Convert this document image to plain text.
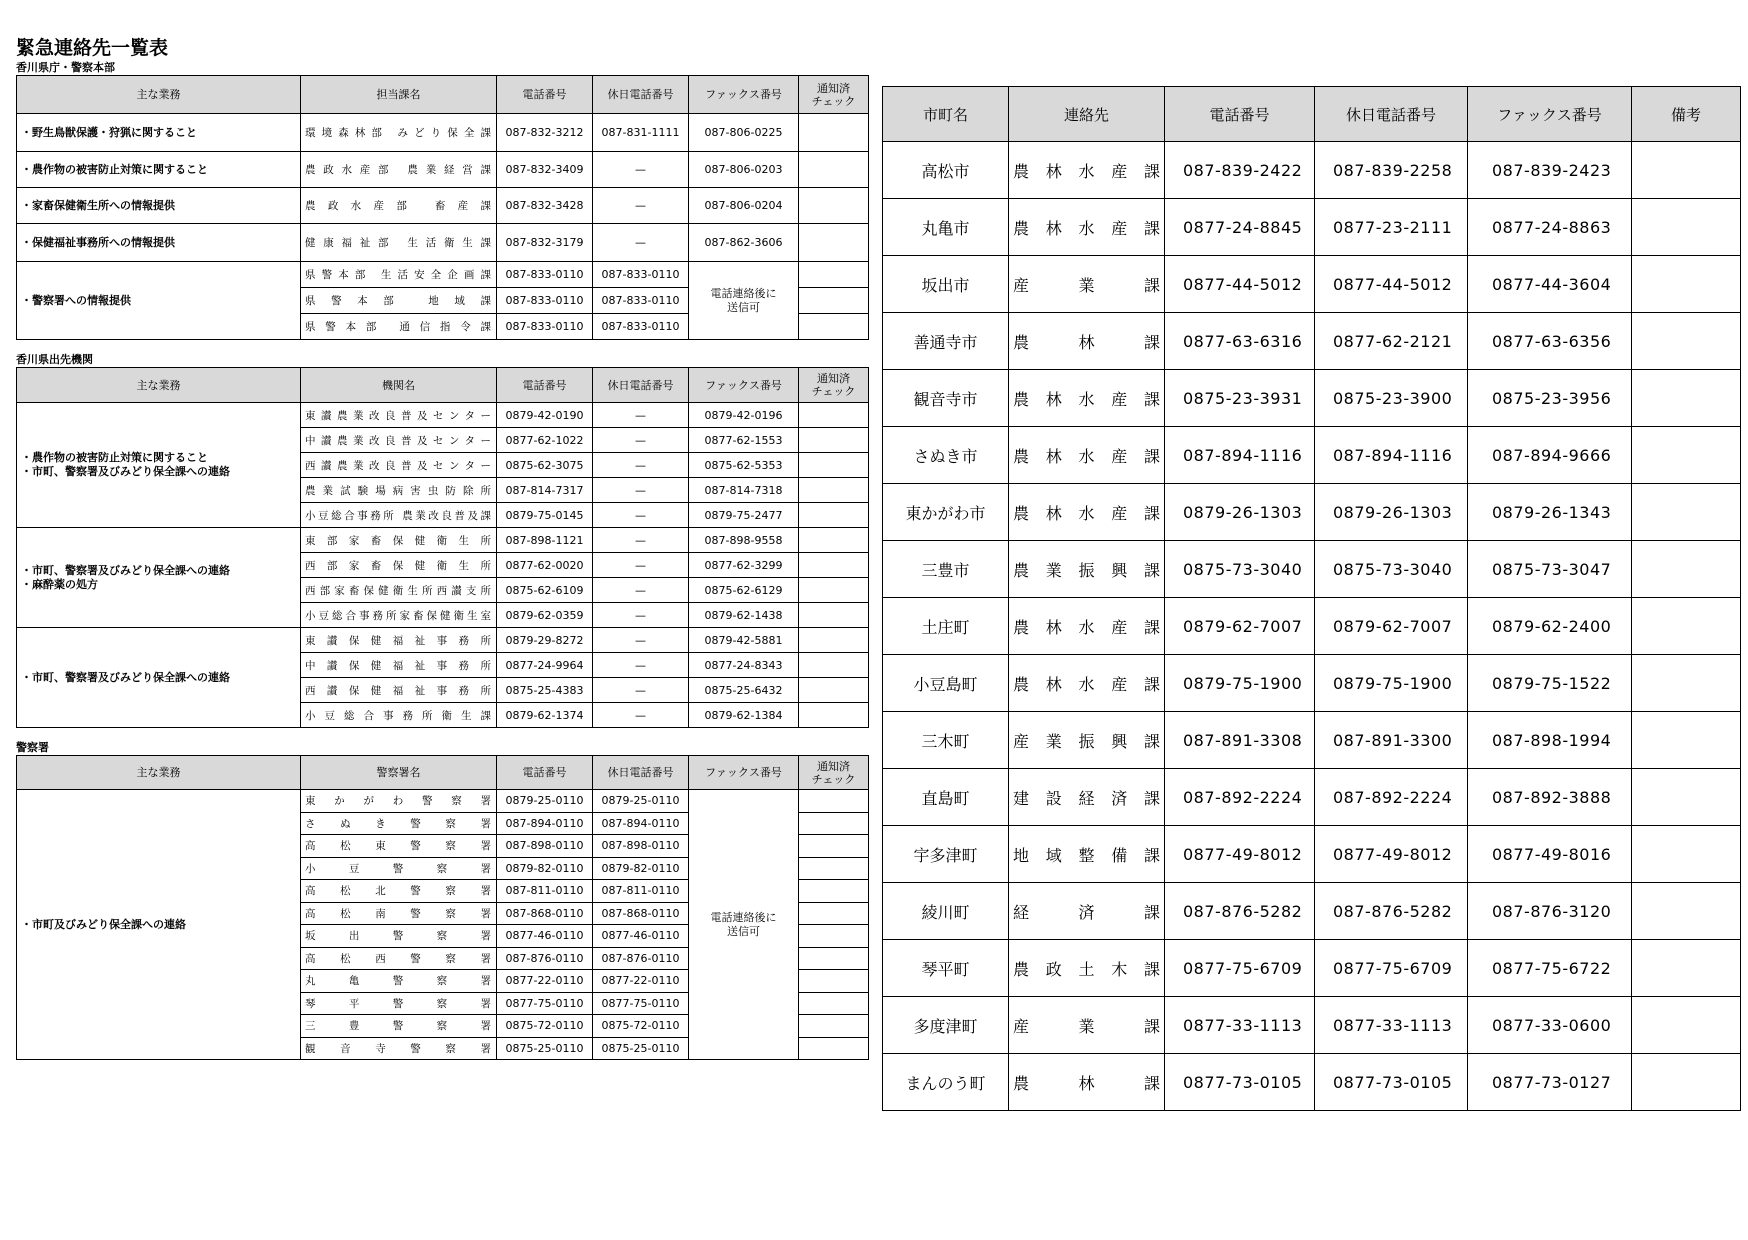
緊急連絡先一覧表
香川県庁・警察本部
主な業務	担当課名	電話番号	休日電話番号	ファックス番号	通知済
チェック
・野生鳥獣保護・狩猟に関すること	環境森林部 みどり保全課	087-832-3212	087-831-1111	087-806-0225	
・農作物の被害防止対策に関すること	農政水産部 農業経営課	087-832-3409	—	087-806-0203	
・家畜保健衛生所への情報提供	農政水産部 畜産課	087-832-3428	—	087-806-0204	
・保健福祉事務所への情報提供	健康福祉部 生活衛生課	087-832-3179	—	087-862-3606	
・警察署への情報提供	県警本部 生活安全企画課	087-833-0110	087-833-0110	電話連絡後に
送信可	
	県警本部 地域課	087-833-0110	087-833-0110		
	県警本部 通信指令課	087-833-0110	087-833-0110		
香川県出先機関
主な業務	機関名	電話番号	休日電話番号	ファックス番号	通知済
チェック
・農作物の被害防止対策に関すること
・市町、警察署及びみどり保全課への連絡	東讃農業改良普及センター	0879-42-0190	—	0879-42-0196	
	中讃農業改良普及センター	0877-62-1022	—	0877-62-1553	
	西讃農業改良普及センター	0875-62-3075	—	0875-62-5353	
	農業試験場病害虫防除所	087-814-7317	—	087-814-7318	
	小豆総合事務所 農業改良普及課	0879-75-0145	—	0879-75-2477	
・市町、警察署及びみどり保全課への連絡
・麻酔薬の処方	東部家畜保健衛生所	087-898-1121	—	087-898-9558	
	西部家畜保健衛生所	0877-62-0020	—	0877-62-3299	
	西部家畜保健衛生所西讃支所	0875-62-6109	—	0875-62-6129	
	小豆総合事務所家畜保健衛生室	0879-62-0359	—	0879-62-1438	
・市町、警察署及びみどり保全課への連絡	東讃保健福祉事務所	0879-29-8272	—	0879-42-5881	
	中讃保健福祉事務所	0877-24-9964	—	0877-24-8343	
	西讃保健福祉事務所	0875-25-4383	—	0875-25-6432	
	小豆総合事務所衛生課	0879-62-1374	—	0879-62-1384	
警察署
主な業務	警察署名	電話番号	休日電話番号	ファックス番号	通知済
チェック
・市町及びみどり保全課への連絡	東かがわ警察署	0879-25-0110	0879-25-0110	電話連絡後に
送信可	
	さぬき警察署	087-894-0110	087-894-0110		
	高松東警察署	087-898-0110	087-898-0110		
	小豆警察署	0879-82-0110	0879-82-0110		
	高松北警察署	087-811-0110	087-811-0110		
	高松南警察署	087-868-0110	087-868-0110		
	坂出警察署	0877-46-0110	0877-46-0110		
	高松西警察署	087-876-0110	087-876-0110		
	丸亀警察署	0877-22-0110	0877-22-0110		
	琴平警察署	0877-75-0110	0877-75-0110		
	三豊警察署	0875-72-0110	0875-72-0110		
	観音寺警察署	0875-25-0110	0875-25-0110		
市町名	連絡先	電話番号	休日電話番号	ファックス番号	備考
高松市	農林水産課	087-839-2422	087-839-2258	087-839-2423	
丸亀市	農林水産課	0877-24-8845	0877-23-2111	0877-24-8863	
坂出市	産業課	0877-44-5012	0877-44-5012	0877-44-3604	
善通寺市	農林課	0877-63-6316	0877-62-2121	0877-63-6356	
観音寺市	農林水産課	0875-23-3931	0875-23-3900	0875-23-3956	
さぬき市	農林水産課	087-894-1116	087-894-1116	087-894-9666	
東かがわ市	農林水産課	0879-26-1303	0879-26-1303	0879-26-1343	
三豊市	農業振興課	0875-73-3040	0875-73-3040	0875-73-3047	
土庄町	農林水産課	0879-62-7007	0879-62-7007	0879-62-2400	
小豆島町	農林水産課	0879-75-1900	0879-75-1900	0879-75-1522	
三木町	産業振興課	087-891-3308	087-891-3300	087-898-1994	
直島町	建設経済課	087-892-2224	087-892-2224	087-892-3888	
宇多津町	地域整備課	0877-49-8012	0877-49-8012	0877-49-8016	
綾川町	経済課	087-876-5282	087-876-5282	087-876-3120	
琴平町	農政土木課	0877-75-6709	0877-75-6709	0877-75-6722	
多度津町	産業課	0877-33-1113	0877-33-1113	0877-33-0600	
まんのう町	農林課	0877-73-0105	0877-73-0105	0877-73-0127	
